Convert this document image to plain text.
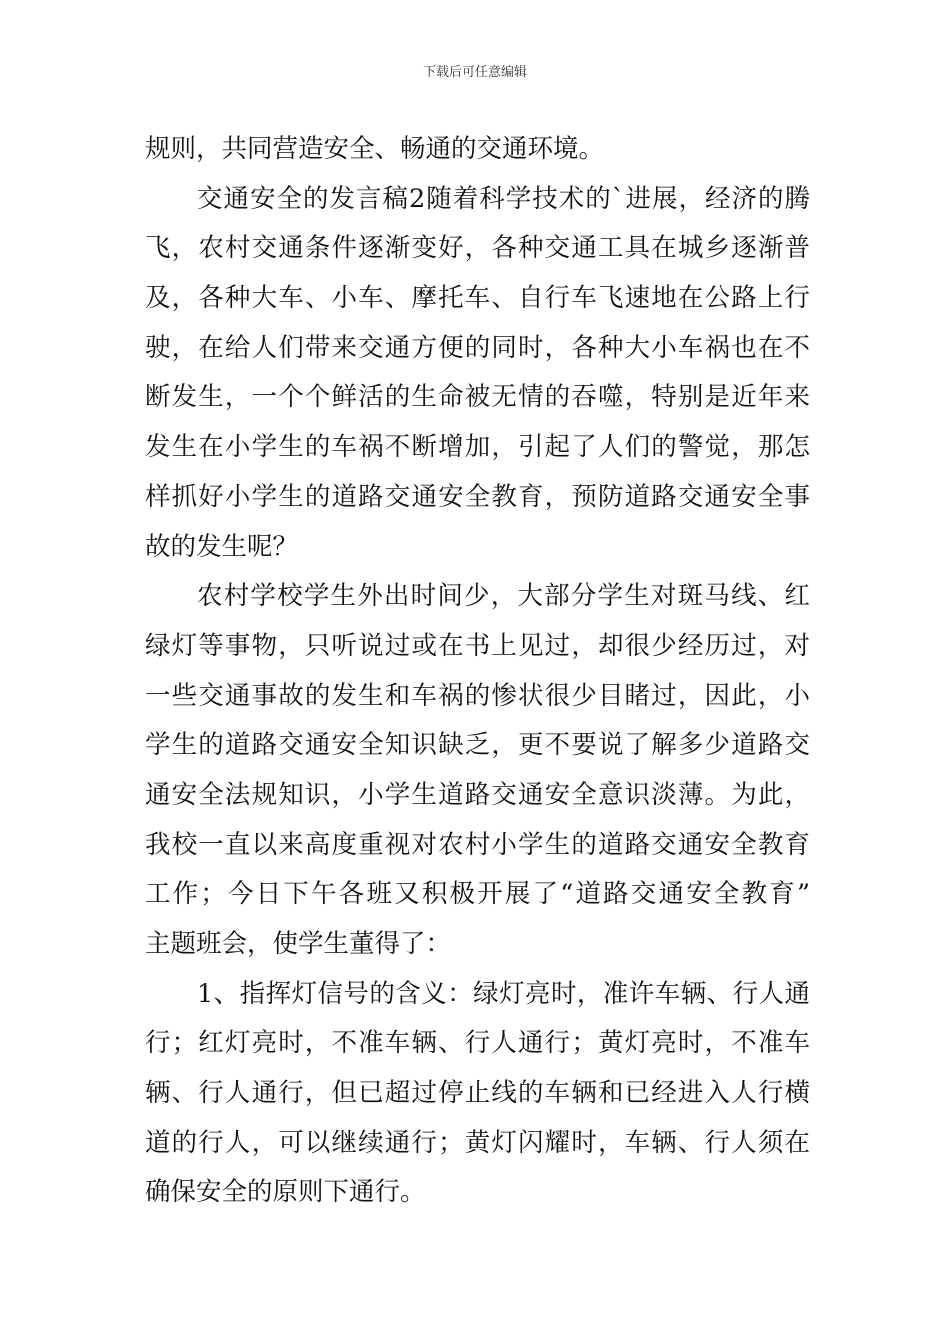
下载后可任意编辑
规则，共同营造安全、畅通的交通环境。
交通安全的发言稿2随着科学技术的`进展，经济的腾
飞，农村交通条件逐渐变好，各种交通工具在城乡逐渐普
及，各种大车、小车、摩托车、自行车飞速地在公路上行
驶，在给人们带来交通方便的同时，各种大小车祸也在不
断发生，一个个鲜活的生命被无情的吞噬，特别是近年来
发生在小学生的车祸不断增加，引起了人们的警觉，那怎
样抓好小学生的道路交通安全教育，预防道路交通安全事
故的发生呢？
农村学校学生外出时间少，大部分学生对斑马线、红
绿灯等事物，只听说过或在书上见过，却很少经历过，对
一些交通事故的发生和车祸的惨状很少目睹过，因此，小
学生的道路交通安全知识缺乏，更不要说了解多少道路交
通安全法规知识，小学生道路交通安全意识淡薄。为此，
我校一直以来高度重视对农村小学生的道路交通安全教育
工作；今日下午各班又积极开展了“道路交通安全教育”
主题班会，使学生董得了：
1、指挥灯信号的含义：绿灯亮时，准许车辆、行人通
行；红灯亮时，不准车辆、行人通行；黄灯亮时，不准车
辆、行人通行，但已超过停止线的车辆和已经进入人行横
道的行人，可以继续通行；黄灯闪耀时，车辆、行人须在
确保安全的原则下通行。
